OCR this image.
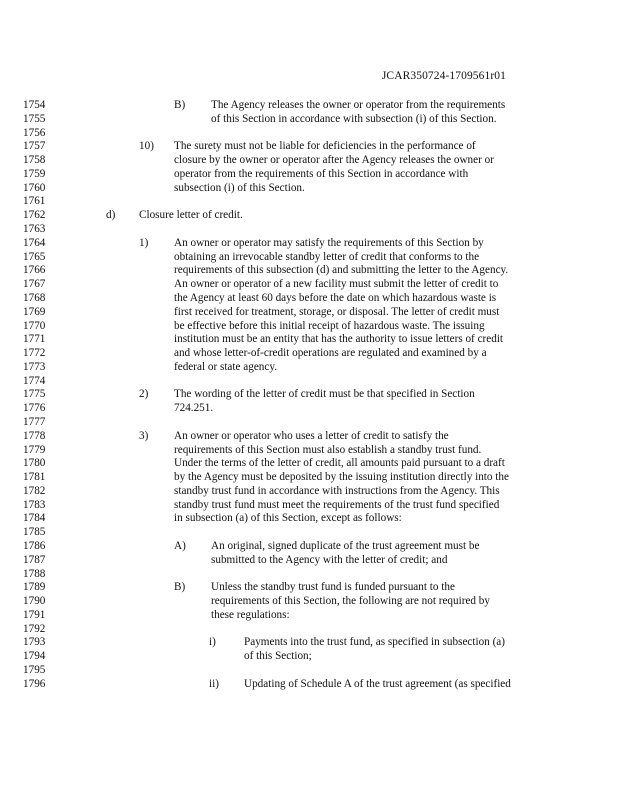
JCAR350724-1709561r01
1754	B) The Agency releases the owner or operator from the requirements
1755	of this Section in accordance with subsection (i) of this Section.
1756
1757	10) The surety must not be liable for deficiencies in the performance of
1758	closure by the owner or operator after the Agency releases the owner or
1759	operator from the requirements of this Section in accordance with
1760	subsection (i) of this Section.
1761
1762	d) Closure letter of credit.
1763
1764	1) An owner or operator may satisfy the requirements of this Section by
1765	obtaining an irrevocable standby letter of credit that conforms to the
1766	requirements of this subsection (d) and submitting the letter to the Agency.
1767	An owner or operator of a new facility must submit the letter of credit to
1768	the Agency at least 60 days before the date on which hazardous waste is
1769	first received for treatment, storage, or disposal. The letter of credit must
1770	be effective before this initial receipt of hazardous waste. The issuing
1771	institution must be an entity that has the authority to issue letters of credit
1772	and whose letter-of-credit operations are regulated and examined by a
1773	federal or state agency.
1774
1775	2) The wording of the letter of credit must be that specified in Section
1776	724.251.
1777
1778	3) An owner or operator who uses a letter of credit to satisfy the
1779	requirements of this Section must also establish a standby trust fund.
1780	Under the terms of the letter of credit, all amounts paid pursuant to a draft
1781	by the Agency must be deposited by the issuing institution directly into the
1782	standby trust fund in accordance with instructions from the Agency. This
1783	standby trust fund must meet the requirements of the trust fund specified
1784	in subsection (a) of this Section, except as follows:
1785
1786	A) An original, signed duplicate of the trust agreement must be
1787	submitted to the Agency with the letter of credit; and
1788
1789	B) Unless the standby trust fund is funded pursuant to the
1790	requirements of this Section, the following are not required by
1791	these regulations:
1792
1793	i)	Payments into the trust fund, as specified in subsection (a)
1794	of this Section;
1795
1796	ii) Updating of Schedule A of the trust agreement (as specified
